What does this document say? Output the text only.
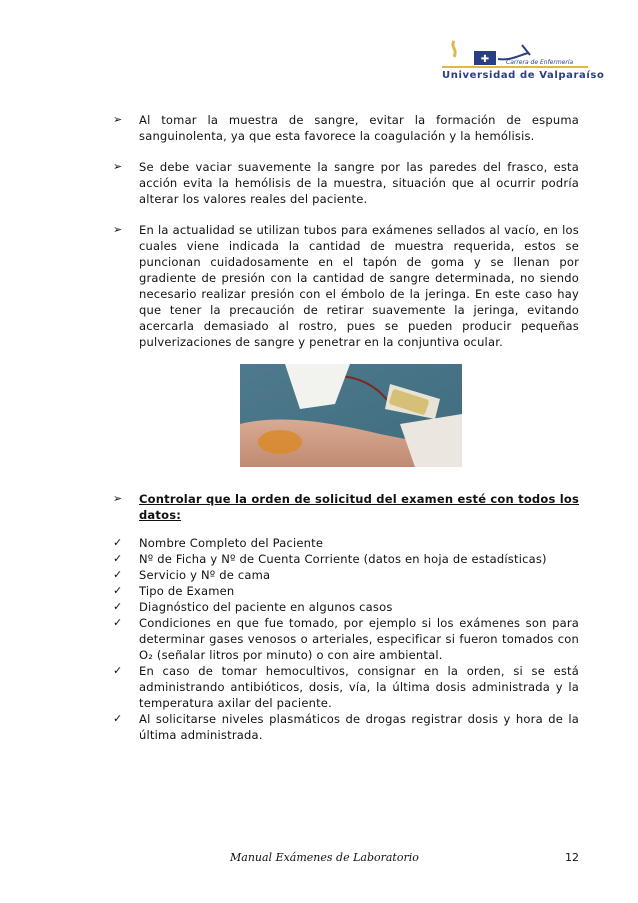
✚	Carrera de Enfermería
Universidad de Valparaíso
➢	Al tomar la muestra de sangre, evitar la formación de espuma sanguinolenta, ya que esta favorece la coagulación y la hemólisis.
➢	Se debe vaciar suavemente la sangre por las paredes del frasco, esta acción evita la hemólisis de la muestra, situación que al ocurrir podría alterar los valores reales del paciente.
➢	En la actualidad se utilizan tubos para exámenes sellados al vacío, en los cuales viene indicada la cantidad de muestra requerida, estos se puncionan cuidadosamente en el tapón de goma y se llenan por gradiente de presión con la cantidad de sangre determinada, no siendo necesario realizar presión con el émbolo de la jeringa. En este caso hay que tener la precaución de retirar suavemente la jeringa, evitando acercarla demasiado al rostro, pues se pueden producir pequeñas pulverizaciones de sangre y penetrar en la conjuntiva ocular.
➢	Controlar que la orden de solicitud del examen esté con todos los datos:
✓	Nombre Completo del Paciente
✓	Nº de Ficha y Nº de Cuenta Corriente (datos en hoja de estadísticas)
✓	Servicio y Nº de cama
✓	Tipo de Examen
✓	Diagnóstico del paciente en algunos casos
✓	Condiciones en que fue tomado, por ejemplo si los exámenes son para determinar gases venosos o arteriales, especificar si fueron tomados con O₂ (señalar litros por minuto) o con aire ambiental.
✓	En caso de tomar hemocultivos, consignar en la orden, si se está administrando antibióticos, dosis, vía, la última dosis administrada y la temperatura axilar del paciente.
✓	Al solicitarse niveles plasmáticos de drogas registrar dosis y hora de la última administrada.
Manual Exámenes de Laboratorio	12
